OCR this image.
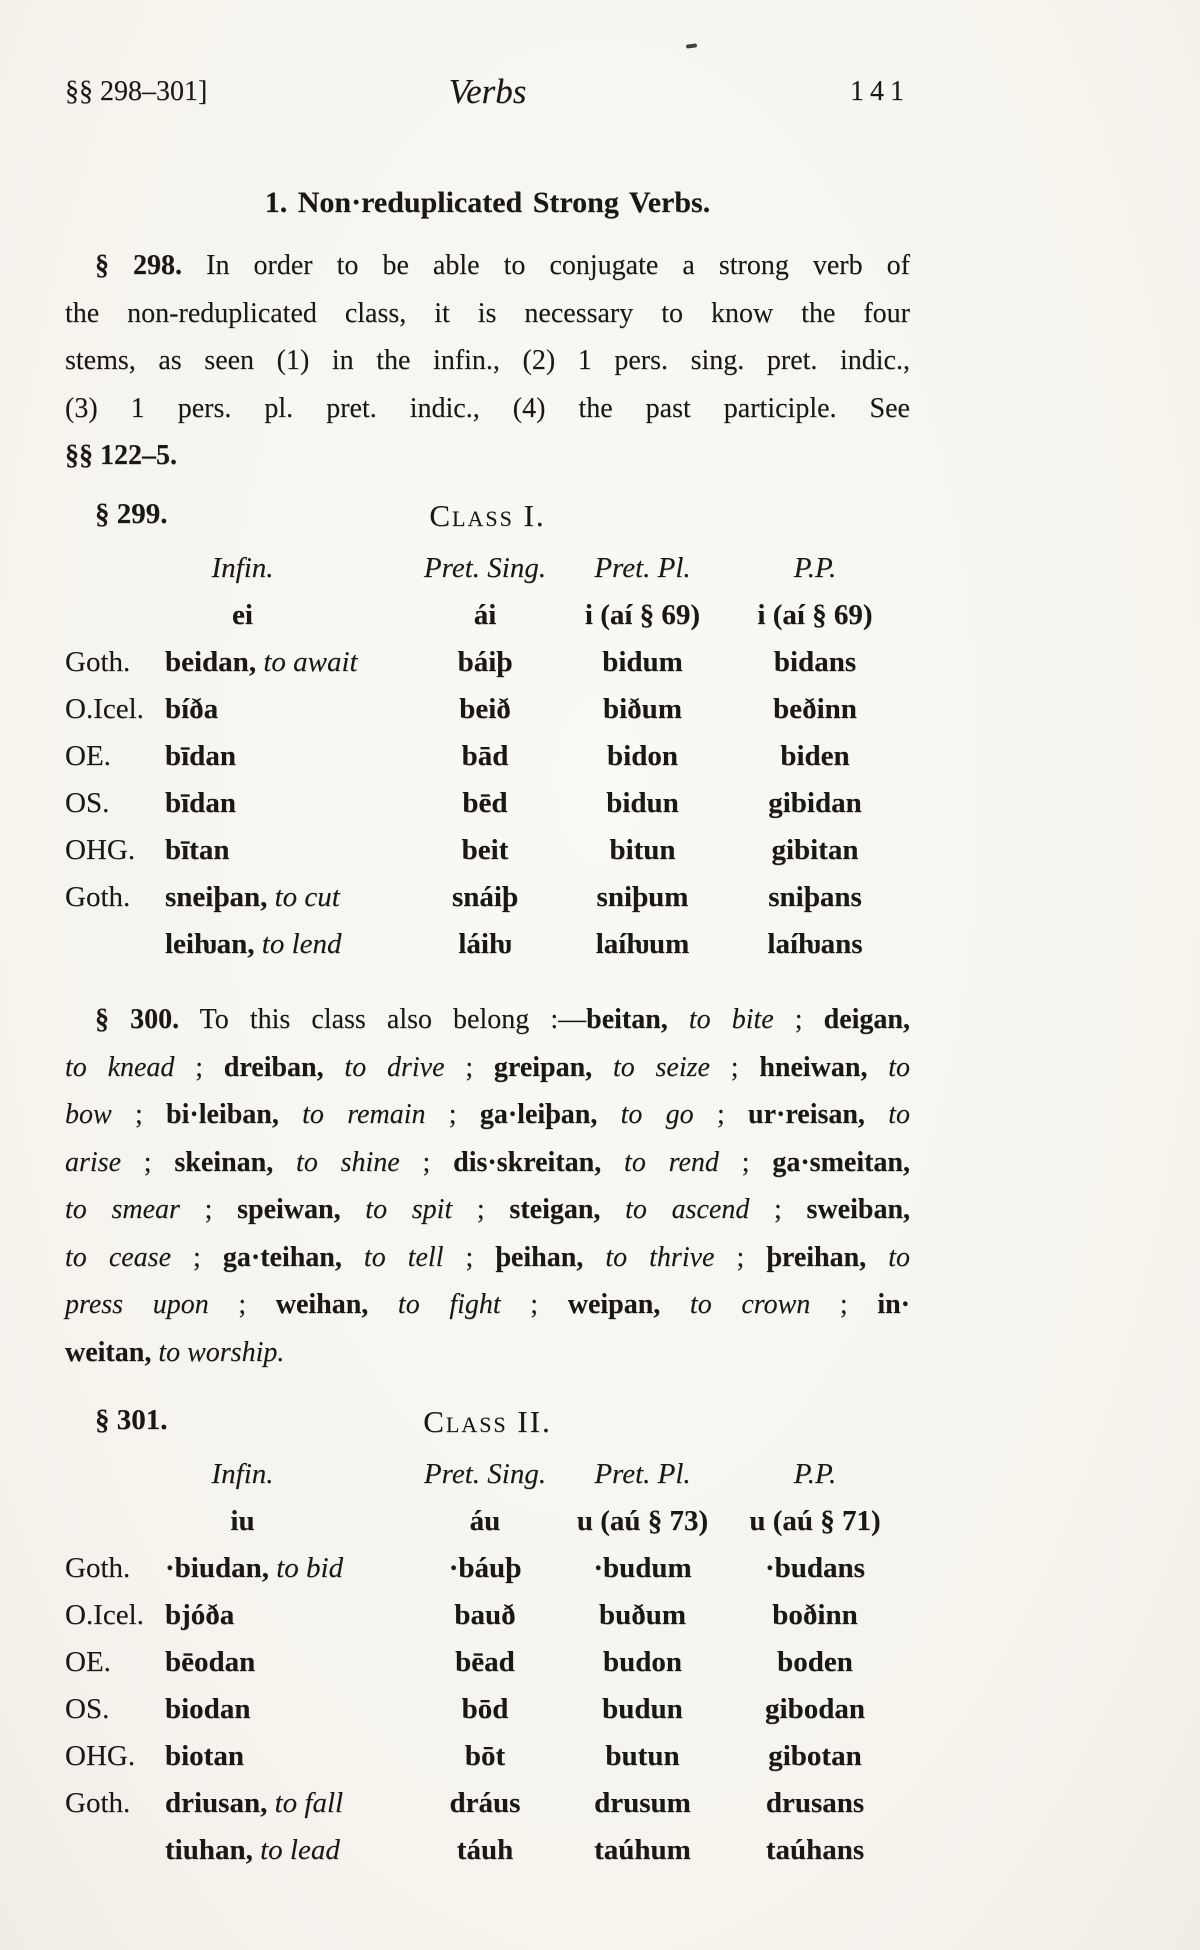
§§ 298–301]	Verbs	141
1. Non·reduplicated Strong Verbs.
§ 298. In order to be able to conjugate a strong verb of
the non-reduplicated class, it is necessary to know the four
stems, as seen (1) in the infin., (2) 1 pers. sing. pret. indic.,
(3) 1 pers. pl. pret. indic., (4) the past participle. See
§§ 122–5.
§ 299.	Class I.
Infin.	Pret. Sing.	Pret. Pl.	P.P.
ei	ái	i (aí § 69)	i (aí § 69)
Goth.	beidan, to await	báiþ	bidum	bidans
O.Icel. bíða	beið	biðum	beðinn
OE.	bīdan	bād	bidon	biden
OS.	bīdan	bēd	bidun	gibidan
OHG.	bītan	beit	bitun	gibitan
Goth.	sneiþan, to cut	snáiþ	sniþum	sniþans
leiƕan, to lend	láiƕ	laíƕum	laíƕans
§ 300. To this class also belong :—beitan, to bite ; deigan,
to knead ; dreiban, to drive ; greipan, to seize ; hneiwan, to
bow ; bi·leiban, to remain ; ga·leiþan, to go ; ur·reisan, to
arise ; skeinan, to shine ; dis·skreitan, to rend ; ga·smeitan,
to smear ; speiwan, to spit ; steigan, to ascend ; sweiban,
to cease ; ga·teihan, to tell ; þeihan, to thrive ; þreihan, to
press upon ; weihan, to fight ; weipan, to crown ; in·
weitan, to worship.
§ 301.	Class II.
Infin.	Pret. Sing.	Pret. Pl.	P.P.
iu	áu	u (aú § 73)	u (aú § 71)
Goth.	·biudan, to bid	·báuþ	·budum	·budans
O.Icel. bjóða	bauð	buðum	boðinn
OE.	bēodan	bēad	budon	boden
OS.	biodan	bōd	budun	gibodan
OHG.	biotan	bōt	butun	gibotan
Goth.	driusan, to fall	dráus	drusum	drusans
tiuhan, to lead	táuh	taúhum	taúhans
